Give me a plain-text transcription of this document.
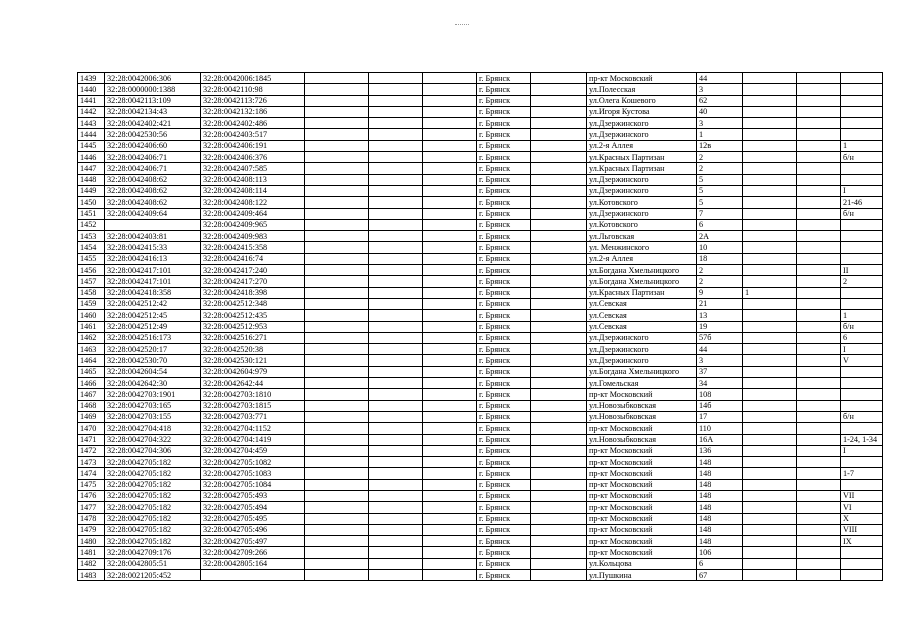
1439	32:28:0042006:306	32:28:0042006:1845				г. Брянск		пр-кт Московский	44			
1440	32:28:0000000:1388	32:28:0042110:98				г. Брянск		ул.Полесская	3			
1441	32:28:0042113:109	32:28:0042113:726				г. Брянск		ул.Олега Кошевого	62			
1442	32:28:0042134:43	32:28:0042132:186				г. Брянск		ул.Игоря Кустова	40			
1443	32:28:0042402:421	32:28:0042402:486				г. Брянск		ул.Дзержинского	3			
1444	32:28:0042530:56	32:28:0042403:517				г. Брянск		ул.Дзержинского	1			
1445	32:28:0042406:60	32:28:0042406:191				г. Брянск		ул.2-я Аллея	12в			1
1446	32:28:0042406:71	32:28:0042406:376				г. Брянск		ул.Красных Партизан	2			б/н
1447	32:28:0042406:71	32:28:0042407:585				г. Брянск		ул.Красных Партизан	2			
1448	32:28:0042408:62	32:28:0042408:113				г. Брянск		ул.Дзержинского	5			
1449	32:28:0042408:62	32:28:0042408:114				г. Брянск		ул.Дзержинского	5			I
1450	32:28:0042408:62	32:28:0042408:122				г. Брянск		ул.Котовского	5			21-46
1451	32:28:0042409:64	32:28:0042409:464				г. Брянск		ул.Дзержинского	7			б/н
1452		32:28:0042409:965				г. Брянск		ул.Котовского	6			
1453	32:28:0042403:81	32:28:0042409:983				г. Брянск		ул.Льговская	2А			
1454	32:28:0042415:33	32:28:0042415:358				г. Брянск		ул. Менжинского	10			
1455	32:28:0042416:13	32:28:0042416:74				г. Брянск		ул.2-я Аллея	18			
1456	32:28:0042417:101	32:28:0042417:240				г. Брянск		ул.Богдана Хмельницкого	2			II
1457	32:28:0042417:101	32:28:0042417:270				г. Брянск		ул.Богдана Хмельницкого	2			2
1458	32:28:0042418:358	32:28:0042418:398				г. Брянск		ул.Красных Партизан	9	1		
1459	32:28:0042512:42	32:28:0042512:348				г. Брянск		ул.Севская	21			
1460	32:28:0042512:45	32:28:0042512:435				г. Брянск		ул.Севская	13			1
1461	32:28:0042512:49	32:28:0042512:953				г. Брянск		ул.Севская	19			б/н
1462	32:28:0042516:173	32:28:0042516:271				г. Брянск		ул.Дзержинского	57б			6
1463	32:28:0042520:17	32:28:0042520:38				г. Брянск		ул.Дзержинского	44			I
1464	32:28:0042530:70	32:28:0042530:121				г. Брянск		ул.Дзержинского	3			V
1465	32:28:0042604:54	32:28:0042604:979				г. Брянск		ул.Богдана Хмельницкого	37			
1466	32:28:0042642:30	32:28:0042642:44				г. Брянск		ул.Гомельская	34			
1467	32:28:0042703:1901	32:28:0042703:1810				г. Брянск		пр-кт Московский	108			
1468	32:28:0042703:165	32:28:0042703:1815				г. Брянск		ул.Новозыбковская	14б			
1469	32:28:0042703:155	32:28:0042703:771				г. Брянск		ул.Новозыбковская	17			б/н
1470	32:28:0042704:418	32:28:0042704:1152				г. Брянск		пр-кт Московский	110			
1471	32:28:0042704:322	32:28:0042704:1419				г. Брянск		ул.Новозыбковская	16А			1-24, 1-34
1472	32:28:0042704:306	32:28:0042704:459				г. Брянск		пр-кт Московский	136			I
1473	32:28:0042705:182	32:28:0042705:1082				г. Брянск		пр-кт Московский	148			
1474	32:28:0042705:182	32:28:0042705:1083				г. Брянск		пр-кт Московский	148			1-7
1475	32:28:0042705:182	32:28:0042705:1084				г. Брянск		пр-кт Московский	148			
1476	32:28:0042705:182	32:28:0042705:493				г. Брянск		пр-кт Московский	148			VII
1477	32:28:0042705:182	32:28:0042705:494				г. Брянск		пр-кт Московский	148			VI
1478	32:28:0042705:182	32:28:0042705:495				г. Брянск		пр-кт Московский	148			X
1479	32:28:0042705:182	32:28:0042705:496				г. Брянск		пр-кт Московский	148			VIII
1480	32:28:0042705:182	32:28:0042705:497				г. Брянск		пр-кт Московский	148			IX
1481	32:28:0042709:176	32:28:0042709:266				г. Брянск		пр-кт Московский	106			
1482	32:28:0042805:51	32:28:0042805:164				г. Брянск		ул.Кольцова	6			
1483	32:28:0021205:452					г. Брянск		ул.Пушкина	67			
